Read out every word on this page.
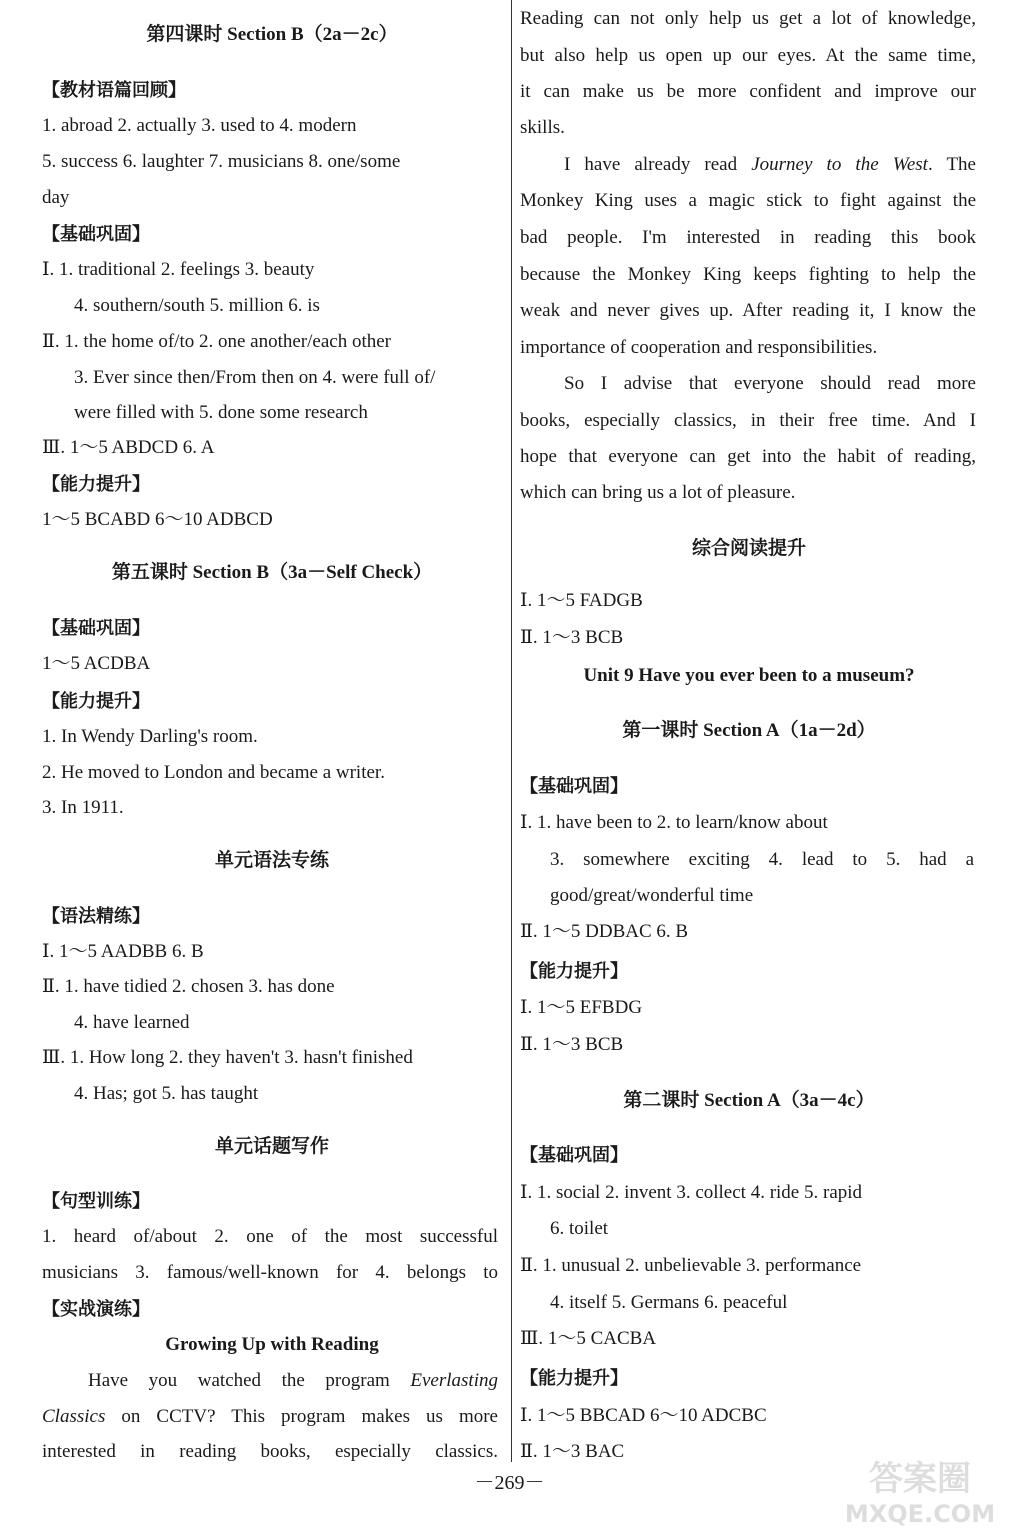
第四课时 Section B（2a－2c）
【教材语篇回顾】
1. abroad 2. actually 3. used to 4. modern
5. success 6. laughter 7. musicians 8. one/some
day
【基础巩固】
Ⅰ. 1. traditional 2. feelings 3. beauty
4. southern/south 5. million 6. is
Ⅱ. 1. the home of/to 2. one another/each other
3. Ever since then/From then on 4. were full of/
were filled with 5. done some research
Ⅲ. 1～5 ABDCD 6. A
【能力提升】
1～5 BCABD 6～10 ADBCD
第五课时 Section B（3a－Self Check）
【基础巩固】
1～5 ACDBA
【能力提升】
1. In Wendy Darling's room.
2. He moved to London and became a writer.
3. In 1911.
单元语法专练
【语法精练】
Ⅰ. 1～5 AADBB 6. B
Ⅱ. 1. have tidied 2. chosen 3. has done
4. have learned
Ⅲ. 1. How long 2. they haven't 3. hasn't finished
4. Has; got 5. has taught
单元话题写作
【句型训练】
1. heard of/about 2. one of the most successful
musicians 3. famous/well-known for 4. belongs to
【实战演练】
Growing Up with Reading
Have you watched the program Everlasting
Classics on CCTV? This program makes us more
interested in reading books, especially classics.
Reading can not only help us get a lot of knowledge,
but also help us open up our eyes. At the same time,
it can make us be more confident and improve our
skills.
I have already read Journey to the West. The
Monkey King uses a magic stick to fight against the
bad people. I'm interested in reading this book
because the Monkey King keeps fighting to help the
weak and never gives up. After reading it, I know the
importance of cooperation and responsibilities.
So I advise that everyone should read more
books, especially classics, in their free time. And I
hope that everyone can get into the habit of reading,
which can bring us a lot of pleasure.
综合阅读提升
Ⅰ. 1～5 FADGB
Ⅱ. 1～3 BCB
Unit 9 Have you ever been to a museum?
第一课时 Section A（1a－2d）
【基础巩固】
Ⅰ. 1. have been to 2. to learn/know about
3. somewhere exciting 4. lead to 5. had a
good/great/wonderful time
Ⅱ. 1～5 DDBAC 6. B
【能力提升】
Ⅰ. 1～5 EFBDG
Ⅱ. 1～3 BCB
第二课时 Section A（3a－4c）
【基础巩固】
Ⅰ. 1. social 2. invent 3. collect 4. ride 5. rapid
6. toilet
Ⅱ. 1. unusual 2. unbelievable 3. performance
4. itself 5. Germans 6. peaceful
Ⅲ. 1～5 CACBA
【能力提升】
Ⅰ. 1～5 BBCAD 6～10 ADCBC
Ⅱ. 1～3 BAC
－269－	答案圈
MXQE.COM
